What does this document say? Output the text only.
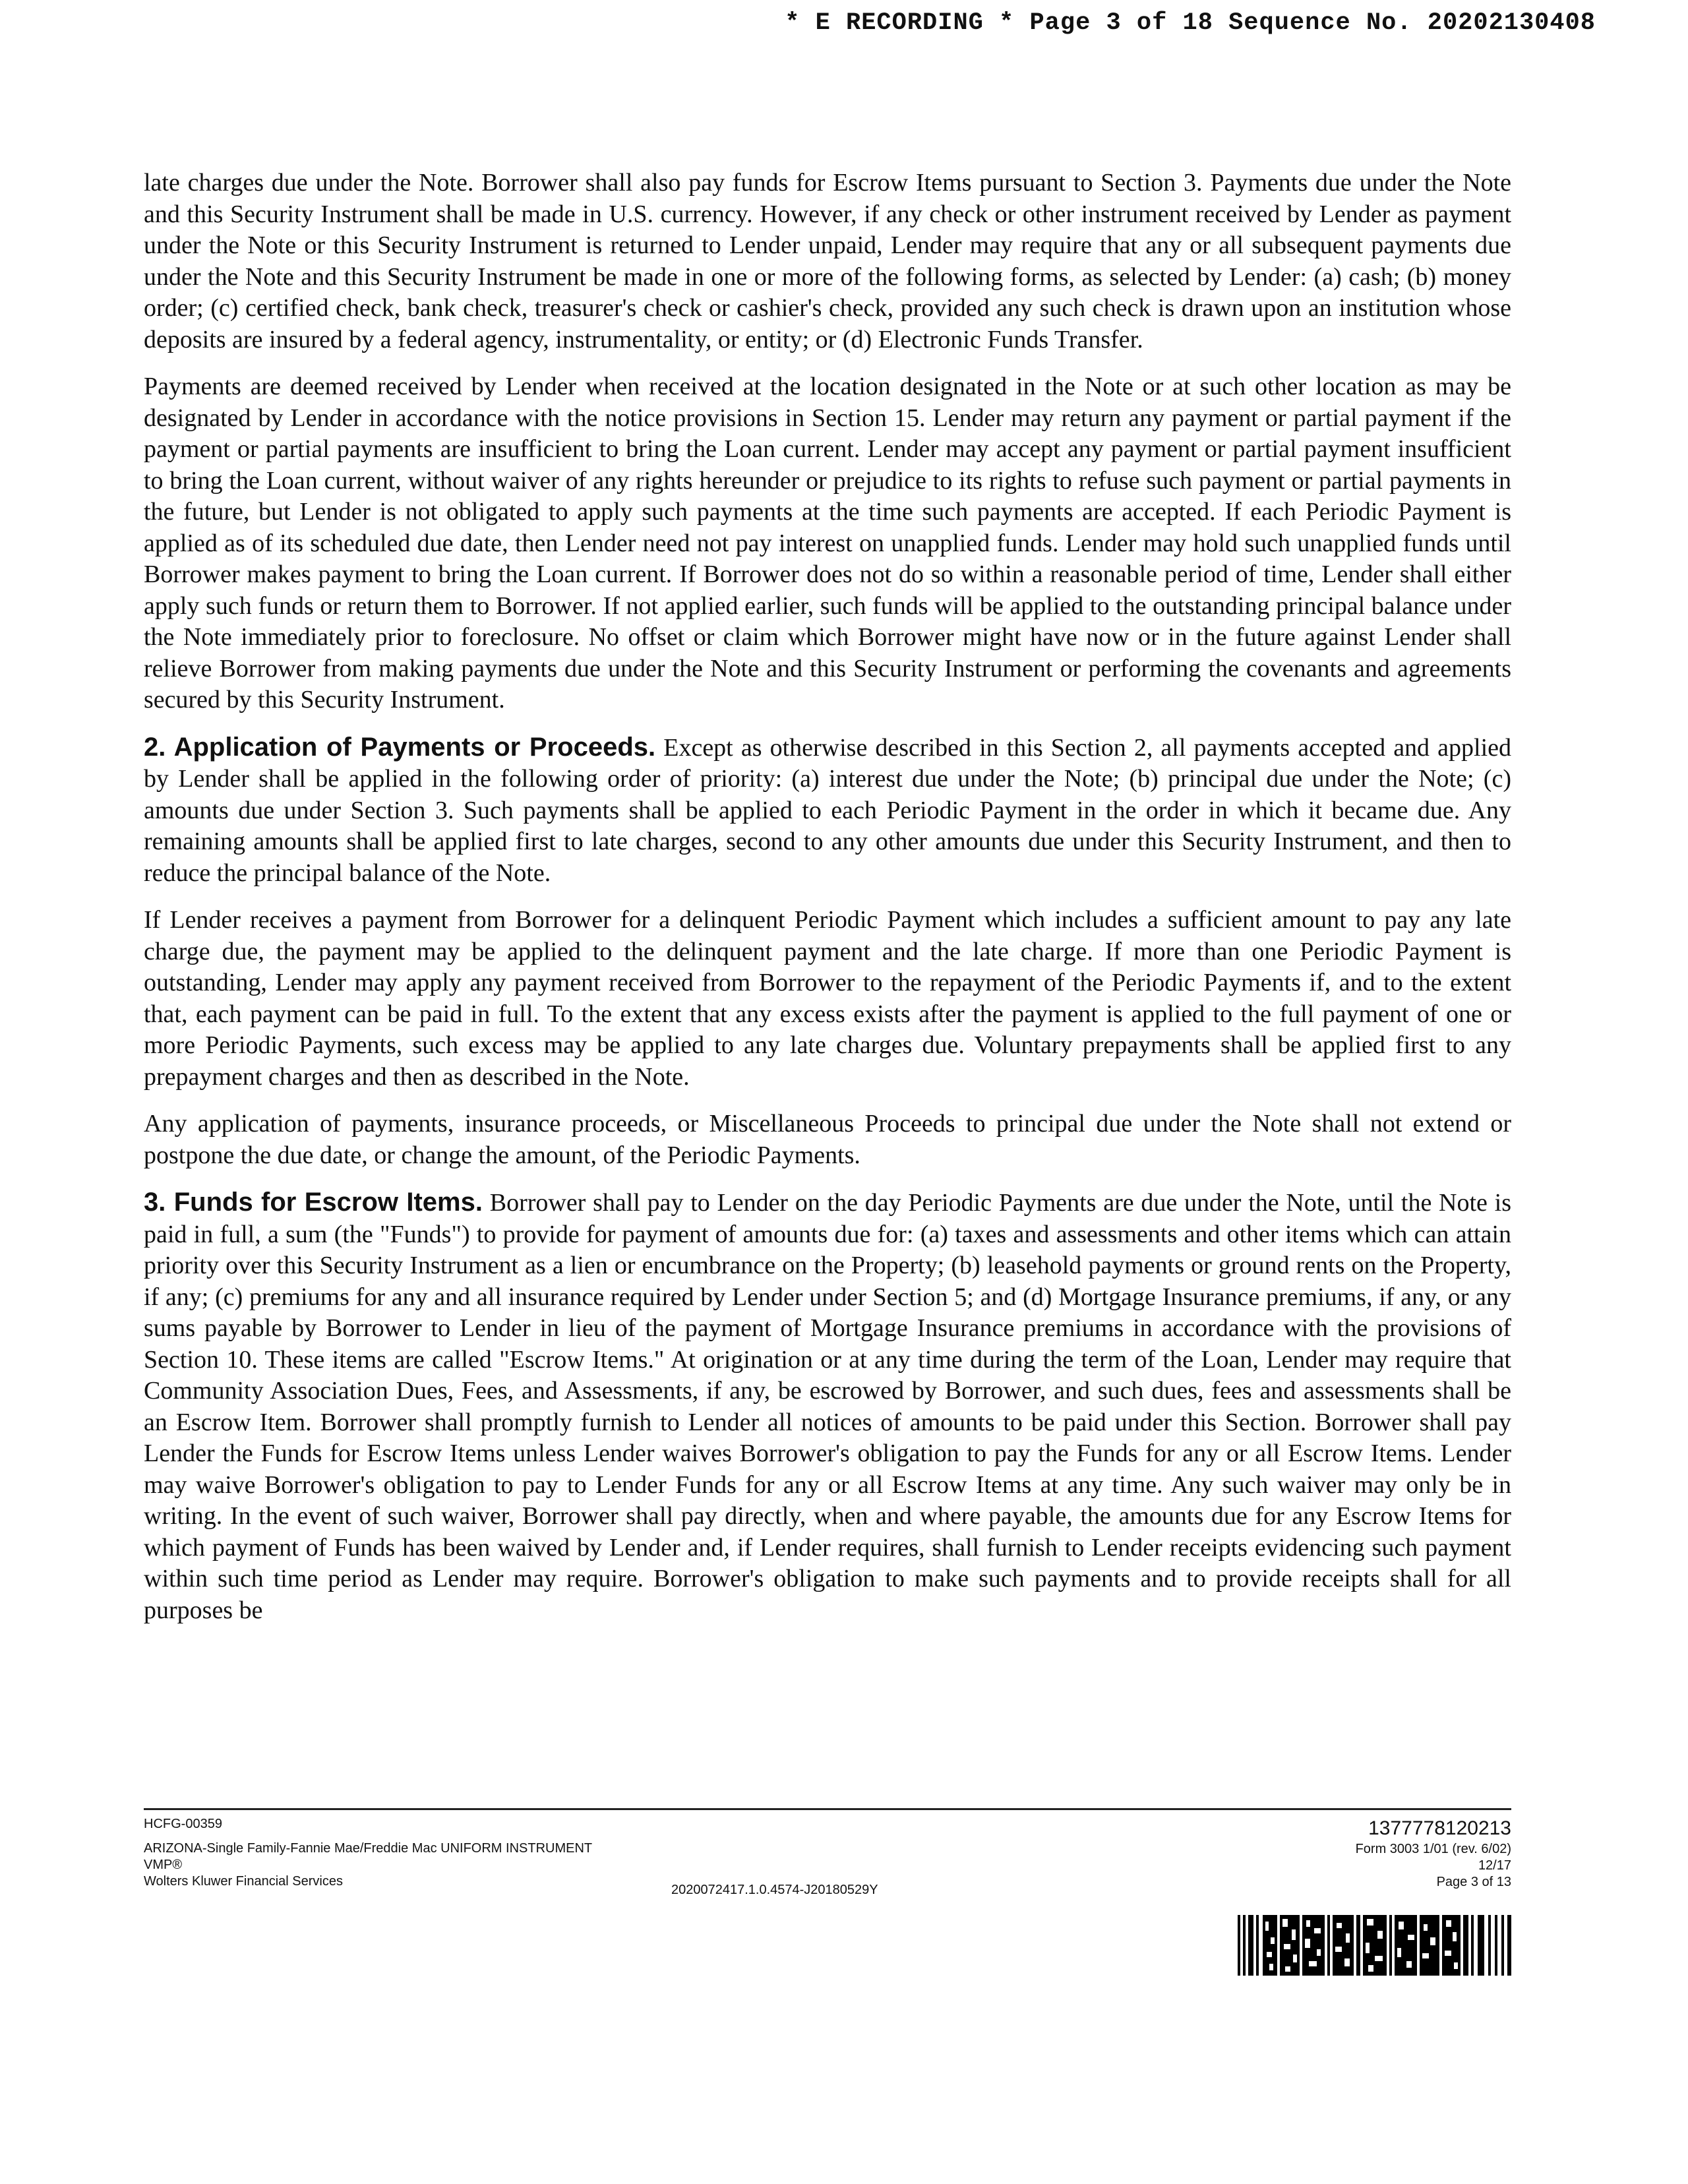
* E RECORDING * Page 3 of 18 Sequence No. 20202130408

late charges due under the Note. Borrower shall also pay funds for Escrow Items pursuant to Section 3. Payments due under the Note and this Security Instrument shall be made in U.S. currency. However, if any check or other instrument received by Lender as payment under the Note or this Security Instrument is returned to Lender unpaid, Lender may require that any or all subsequent payments due under the Note and this Security Instrument be made in one or more of the following forms, as selected by Lender: (a) cash; (b) money order; (c) certified check, bank check, treasurer's check or cashier's check, provided any such check is drawn upon an institution whose deposits are insured by a federal agency, instrumentality, or entity; or (d) Electronic Funds Transfer.

Payments are deemed received by Lender when received at the location designated in the Note or at such other location as may be designated by Lender in accordance with the notice provisions in Section 15. Lender may return any payment or partial payment if the payment or partial payments are insufficient to bring the Loan current. Lender may accept any payment or partial payment insufficient to bring the Loan current, without waiver of any rights hereunder or prejudice to its rights to refuse such payment or partial payments in the future, but Lender is not obligated to apply such payments at the time such payments are accepted. If each Periodic Payment is applied as of its scheduled due date, then Lender need not pay interest on unapplied funds. Lender may hold such unapplied funds until Borrower makes payment to bring the Loan current. If Borrower does not do so within a reasonable period of time, Lender shall either apply such funds or return them to Borrower. If not applied earlier, such funds will be applied to the outstanding principal balance under the Note immediately prior to foreclosure. No offset or claim which Borrower might have now or in the future against Lender shall relieve Borrower from making payments due under the Note and this Security Instrument or performing the covenants and agreements secured by this Security Instrument.

2. Application of Payments or Proceeds. Except as otherwise described in this Section 2, all payments accepted and applied by Lender shall be applied in the following order of priority: (a) interest due under the Note; (b) principal due under the Note; (c) amounts due under Section 3. Such payments shall be applied to each Periodic Payment in the order in which it became due. Any remaining amounts shall be applied first to late charges, second to any other amounts due under this Security Instrument, and then to reduce the principal balance of the Note.

If Lender receives a payment from Borrower for a delinquent Periodic Payment which includes a sufficient amount to pay any late charge due, the payment may be applied to the delinquent payment and the late charge. If more than one Periodic Payment is outstanding, Lender may apply any payment received from Borrower to the repayment of the Periodic Payments if, and to the extent that, each payment can be paid in full. To the extent that any excess exists after the payment is applied to the full payment of one or more Periodic Payments, such excess may be applied to any late charges due. Voluntary prepayments shall be applied first to any prepayment charges and then as described in the Note.

Any application of payments, insurance proceeds, or Miscellaneous Proceeds to principal due under the Note shall not extend or postpone the due date, or change the amount, of the Periodic Payments.

3. Funds for Escrow Items. Borrower shall pay to Lender on the day Periodic Payments are due under the Note, until the Note is paid in full, a sum (the "Funds") to provide for payment of amounts due for: (a) taxes and assessments and other items which can attain priority over this Security Instrument as a lien or encumbrance on the Property; (b) leasehold payments or ground rents on the Property, if any; (c) premiums for any and all insurance required by Lender under Section 5; and (d) Mortgage Insurance premiums, if any, or any sums payable by Borrower to Lender in lieu of the payment of Mortgage Insurance premiums in accordance with the provisions of Section 10. These items are called "Escrow Items." At origination or at any time during the term of the Loan, Lender may require that Community Association Dues, Fees, and Assessments, if any, be escrowed by Borrower, and such dues, fees and assessments shall be an Escrow Item. Borrower shall promptly furnish to Lender all notices of amounts to be paid under this Section. Borrower shall pay Lender the Funds for Escrow Items unless Lender waives Borrower's obligation to pay the Funds for any or all Escrow Items. Lender may waive Borrower's obligation to pay to Lender Funds for any or all Escrow Items at any time. Any such waiver may only be in writing. In the event of such waiver, Borrower shall pay directly, when and where payable, the amounts due for any Escrow Items for which payment of Funds has been waived by Lender and, if Lender requires, shall furnish to Lender receipts evidencing such payment within such time period as Lender may require. Borrower's obligation to make such payments and to provide receipts shall for all purposes be

HCFG-00359
ARIZONA-Single Family-Fannie Mae/Freddie Mac UNIFORM INSTRUMENT
VMP®
Wolters Kluwer Financial Services
2020072417.1.0.4574-J20180529Y
1377778120213
Form 3003 1/01 (rev. 6/02)
12/17
Page 3 of 13
